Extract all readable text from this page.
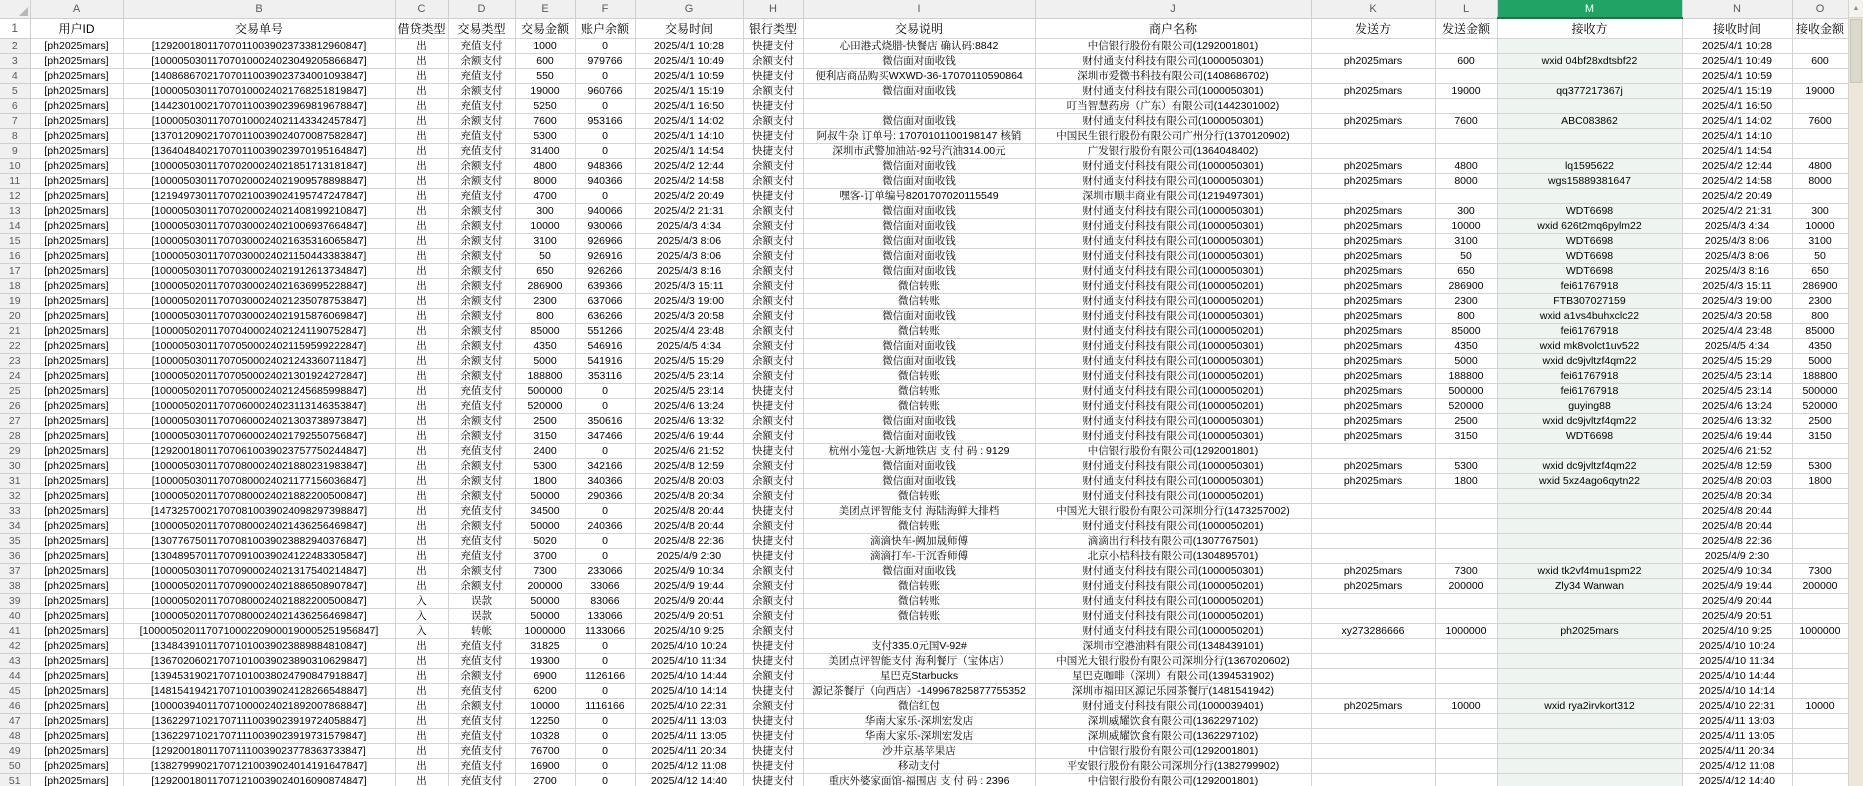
	A	B	C	D	E	F	G	H	I	J	K	L	M	N	O
1	用户ID	交易单号	借贷类型	交易类型	交易金额	账户余额	交易时间	银行类型	交易说明	商户名称	发送方	发送金额	接收方	接收时间	接收金额
2	[ph2025mars]	[129200180117070110039023733812960847]	出	充值支付	1000	0	2025/4/1 10:28	快捷支付	心田港式烧腊-快餐店 确认码:8842	中信银行股份有限公司(1292001801)				2025/4/1 10:28	
3	[ph2025mars]	[100005030117070100024023049205866847]	出	余额支付	600	979766	2025/4/1 10:49	余额支付	微信面对面收钱	财付通支付科技有限公司(1000050301)	ph2025mars	600	wxid 04bf28xdtsbf22	2025/4/1 10:49	600
4	[ph2025mars]	[140868670217070110039023734001093847]	出	充值支付	550	0	2025/4/1 10:59	快捷支付	便利店商品购买WXWD-36-17070110590864	深圳市爱微书科技有限公司(1408686702)				2025/4/1 10:59	
5	[ph2025mars]	[100005030117070100024021768251819847]	出	余额支付	19000	960766	2025/4/1 15:19	余额支付	微信面对面收钱	财付通支付科技有限公司(1000050301)	ph2025mars	19000	qq377217367j	2025/4/1 15:19	19000
6	[ph2025mars]	[144230100217070110039023969819678847]	出	充值支付	5250	0	2025/4/1 16:50	快捷支付		叮当智慧药房（广东）有限公司(1442301002)				2025/4/1 16:50	
7	[ph2025mars]	[100005030117070100024021143342457847]	出	余额支付	7600	953166	2025/4/1 14:02	余额支付	微信面对面收钱	财付通支付科技有限公司(1000050301)	ph2025mars	7600	ABC083862	2025/4/1 14:02	7600
8	[ph2025mars]	[137012090217070110039024070087582847]	出	充值支付	5300	0	2025/4/1 14:10	快捷支付	阿叔牛杂 订单号: 17070101100198147 核销	中国民生银行股份有限公司广州分行(1370120902)				2025/4/1 14:10	
9	[ph2025mars]	[136404840217070110039023970195164847]	出	充值支付	31400	0	2025/4/1 14:54	快捷支付	深圳市武警加油站-92号汽油314.00元	广发银行股份有限公司(1364048402)				2025/4/1 14:54	
10	[ph2025mars]	[100005030117070200024021851713181847]	出	余额支付	4800	948366	2025/4/2 12:44	余额支付	微信面对面收钱	财付通支付科技有限公司(1000050301)	ph2025mars	4800	lq1595622	2025/4/2 12:44	4800
11	[ph2025mars]	[100005030117070200024021909578898847]	出	余额支付	8000	940366	2025/4/2 14:58	余额支付	微信面对面收钱	财付通支付科技有限公司(1000050301)	ph2025mars	8000	wgs15889381647	2025/4/2 14:58	8000
12	[ph2025mars]	[121949730117070210039024195747247847]	出	充值支付	4700	0	2025/4/2 20:49	快捷支付	嘿客-订单编号8201707020115549	深圳市顺丰商业有限公司(1219497301)				2025/4/2 20:49	
13	[ph2025mars]	[100005030117070200024021408199210847]	出	余额支付	300	940066	2025/4/2 21:31	余额支付	微信面对面收钱	财付通支付科技有限公司(1000050301)	ph2025mars	300	WDT6698	2025/4/2 21:31	300
14	[ph2025mars]	[100005030117070300024021006937664847]	出	余额支付	10000	930066	2025/4/3 4:34	余额支付	微信面对面收钱	财付通支付科技有限公司(1000050301)	ph2025mars	10000	wxid 626t2mq6pylm22	2025/4/3 4:34	10000
15	[ph2025mars]	[100005030117070300024021635316065847]	出	余额支付	3100	926966	2025/4/3 8:06	余额支付	微信面对面收钱	财付通支付科技有限公司(1000050301)	ph2025mars	3100	WDT6698	2025/4/3 8:06	3100
16	[ph2025mars]	[100005030117070300024021150443383847]	出	余额支付	50	926916	2025/4/3 8:06	余额支付	微信面对面收钱	财付通支付科技有限公司(1000050301)	ph2025mars	50	WDT6698	2025/4/3 8:06	50
17	[ph2025mars]	[100005030117070300024021912613734847]	出	余额支付	650	926266	2025/4/3 8:16	余额支付	微信面对面收钱	财付通支付科技有限公司(1000050301)	ph2025mars	650	WDT6698	2025/4/3 8:16	650
18	[ph2025mars]	[100005020117070300024021636995228847]	出	余额支付	286900	639366	2025/4/3 15:11	余额支付	微信转账	财付通支付科技有限公司(1000050201)	ph2025mars	286900	fei61767918	2025/4/3 15:11	286900
19	[ph2025mars]	[100005020117070300024021235078753847]	出	余额支付	2300	637066	2025/4/3 19:00	余额支付	微信转账	财付通支付科技有限公司(1000050201)	ph2025mars	2300	FTB307027159	2025/4/3 19:00	2300
20	[ph2025mars]	[100005030117070300024021915876069847]	出	余额支付	800	636266	2025/4/3 20:58	余额支付	微信面对面收钱	财付通支付科技有限公司(1000050301)	ph2025mars	800	wxid a1vs4buhxclc22	2025/4/3 20:58	800
21	[ph2025mars]	[100005020117070400024021241190752847]	出	余额支付	85000	551266	2025/4/4 23:48	余额支付	微信转账	财付通支付科技有限公司(1000050201)	ph2025mars	85000	fei61767918	2025/4/4 23:48	85000
22	[ph2025mars]	[100005030117070500024021159599222847]	出	余额支付	4350	546916	2025/4/5 4:34	余额支付	微信面对面收钱	财付通支付科技有限公司(1000050301)	ph2025mars	4350	wxid mk8volct1uv522	2025/4/5 4:34	4350
23	[ph2025mars]	[100005030117070500024021243360711847]	出	余额支付	5000	541916	2025/4/5 15:29	余额支付	微信面对面收钱	财付通支付科技有限公司(1000050301)	ph2025mars	5000	wxid dc9jvltzf4qm22	2025/4/5 15:29	5000
24	[ph2025mars]	[100005020117070500024021301924272847]	出	余额支付	188800	353116	2025/4/5 23:14	余额支付	微信转账	财付通支付科技有限公司(1000050201)	ph2025mars	188800	fei61767918	2025/4/5 23:14	188800
25	[ph2025mars]	[100005020117070500024021245685998847]	出	充值支付	500000	0	2025/4/5 23:14	快捷支付	微信转账	财付通支付科技有限公司(1000050201)	ph2025mars	500000	fei61767918	2025/4/5 23:14	500000
26	[ph2025mars]	[100005020117070600024023113146353847]	出	充值支付	520000	0	2025/4/6 13:24	快捷支付	微信转账	财付通支付科技有限公司(1000050201)	ph2025mars	520000	guying88	2025/4/6 13:24	520000
27	[ph2025mars]	[100005030117070600024021303738973847]	出	余额支付	2500	350616	2025/4/6 13:32	余额支付	微信面对面收钱	财付通支付科技有限公司(1000050301)	ph2025mars	2500	wxid dc9jvltzf4qm22	2025/4/6 13:32	2500
28	[ph2025mars]	[100005030117070600024021792550756847]	出	余额支付	3150	347466	2025/4/6 19:44	余额支付	微信面对面收钱	财付通支付科技有限公司(1000050301)	ph2025mars	3150	WDT6698	2025/4/6 19:44	3150
29	[ph2025mars]	[129200180117070610039023757750244847]	出	充值支付	2400	0	2025/4/6 21:52	快捷支付	杭州小笼包-大新地铁店 支 付 码 : 9129	中信银行股份有限公司(1292001801)				2025/4/6 21:52	
30	[ph2025mars]	[100005030117070800024021880231983847]	出	余额支付	5300	342166	2025/4/8 12:59	余额支付	微信面对面收钱	财付通支付科技有限公司(1000050301)	ph2025mars	5300	wxid dc9jvltzf4qm22	2025/4/8 12:59	5300
31	[ph2025mars]	[100005030117070800024021177156036847]	出	余额支付	1800	340366	2025/4/8 20:03	余额支付	微信面对面收钱	财付通支付科技有限公司(1000050301)	ph2025mars	1800	wxid 5xz4ago6qytn22	2025/4/8 20:03	1800
32	[ph2025mars]	[100005020117070800024021882200500847]	出	余额支付	50000	290366	2025/4/8 20:34	余额支付	微信转账	财付通支付科技有限公司(1000050201)				2025/4/8 20:34	
33	[ph2025mars]	[147325700217070810039024098297398847]	出	充值支付	34500	0	2025/4/8 20:44	快捷支付	美团点评智能支付 海陆海鲜大排档	中国光大银行股份有限公司深圳分行(1473257002)				2025/4/8 20:44	
34	[ph2025mars]	[100005020117070800024021436256469847]	出	余额支付	50000	240366	2025/4/8 20:44	余额支付	微信转账	财付通支付科技有限公司(1000050201)				2025/4/8 20:44	
35	[ph2025mars]	[130776750117070810039023882940376847]	出	充值支付	5020	0	2025/4/8 22:36	快捷支付	滴滴快车-阙加晟师傅	滴滴出行科技有限公司(1307767501)				2025/4/8 22:36	
36	[ph2025mars]	[130489570117070910039024122483305847]	出	充值支付	3700	0	2025/4/9 2:30	快捷支付	滴滴打车-干沉香师傅	北京小桔科技有限公司(1304895701)				2025/4/9 2:30	
37	[ph2025mars]	[100005030117070900024021317540214847]	出	余额支付	7300	233066	2025/4/9 10:34	余额支付	微信面对面收钱	财付通支付科技有限公司(1000050301)	ph2025mars	7300	wxid tk2vf4mu1spm22	2025/4/9 10:34	7300
38	[ph2025mars]	[100005020117070900024021886508907847]	出	余额支付	200000	33066	2025/4/9 19:44	余额支付	微信转账	财付通支付科技有限公司(1000050201)	ph2025mars	200000	Zly34 Wanwan	2025/4/9 19:44	200000
39	[ph2025mars]	[100005020117070800024021882200500847]	入	误款	50000	83066	2025/4/9 20:44	余额支付	微信转账	财付通支付科技有限公司(1000050201)				2025/4/9 20:44	
40	[ph2025mars]	[100005020117070800024021436256469847]	入	误款	50000	133066	2025/4/9 20:51	余额支付	微信转账	财付通支付科技有限公司(1000050201)				2025/4/9 20:51	
41	[ph2025mars]	[1000050201170710002209000190005251956847]	入	转帐	1000000	1133066	2025/4/10 9:25	余额支付		财付通支付科技有限公司(1000050201)	xy273286666	1000000	ph2025mars	2025/4/10 9:25	1000000
42	[ph2025mars]	[134843910117071010039023889884810847]	出	充值支付	31825	0	2025/4/10 10:24	快捷支付	支付335.0元国V-92#	深圳市空港油料有限公司(1348439101)				2025/4/10 10:24	
43	[ph2025mars]	[136702060217071010039023890310629847]	出	充值支付	19300	0	2025/4/10 11:34	快捷支付	美团点评智能支付 海利餐厅（宝体店）	中国光大银行股份有限公司深圳分行(1367020602)				2025/4/10 11:34	
44	[ph2025mars]	[139453190217071010038024790847918847]	出	余额支付	6900	1126166	2025/4/10 14:44	余额支付	星巴克Starbucks	星巴克咖啡（深圳）有限公司(1394531902)				2025/4/10 14:44	
45	[ph2025mars]	[148154194217071010039024128266548847]	出	充值支付	6200	0	2025/4/10 14:14	快捷支付	源记茶餐厅（向西店）-149967825877755352	深圳市福田区源记乐园茶餐厅(1481541942)				2025/4/10 14:14	
46	[ph2025mars]	[100003940117071000024021892007868847]	出	余额支付	10000	1116166	2025/4/10 22:31	余额支付	微信红包	财付通支付科技有限公司(1000039401)	ph2025mars	10000	wxid rya2irvkort312	2025/4/10 22:31	10000
47	[ph2025mars]	[136229710217071110039023919724058847]	出	充值支付	12250	0	2025/4/11 13:03	快捷支付	华南大家乐-深圳宏发店	深圳威耀饮食有限公司(1362297102)				2025/4/11 13:03	
48	[ph2025mars]	[136229710217071110039023919731579847]	出	充值支付	10328	0	2025/4/11 13:05	快捷支付	华南大家乐-深圳宏发店	深圳威耀饮食有限公司(1362297102)				2025/4/11 13:05	
49	[ph2025mars]	[129200180117071110039023778363733847]	出	充值支付	76700	0	2025/4/11 20:34	快捷支付	沙井京基苹果店	中信银行股份有限公司(1292001801)				2025/4/11 20:34	
50	[ph2025mars]	[138279990217071210039024014191647847]	出	充值支付	16900	0	2025/4/12 11:08	快捷支付	移动支付	平安银行股份有限公司深圳分行(1382799902)				2025/4/12 11:08	
51	[ph2025mars]	[129200180117071210039024016090874847]	出	充值支付	2700	0	2025/4/12 14:40	快捷支付	重庆外婆家面馆-福围店 支 付 码 : 2396	中信银行股份有限公司(1292001801)				2025/4/12 14:40	
▲
